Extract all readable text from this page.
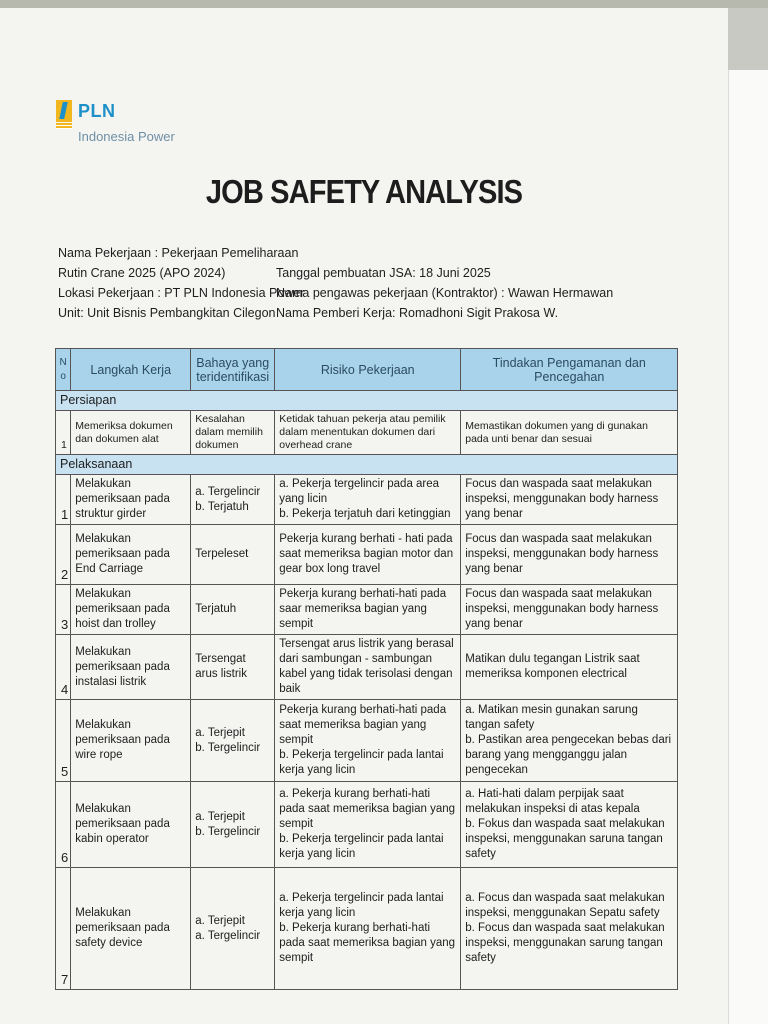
PLN
Indonesia Power
JOB SAFETY ANALYSIS
Nama Pekerjaan : Pekerjaan Pemeliharaan
Rutin Crane 2025 (APO 2024)
Lokasi Pekerjaan : PT PLN Indonesia Power
Unit: Unit Bisnis Pembangkitan Cilegon
Tanggal pembuatan JSA: 18 Juni 2025
Nama pengawas pekerjaan (Kontraktor) : Wawan Hermawan
Nama Pemberi Kerja: Romadhoni Sigit Prakosa W.
N o	Langkah Kerja	Bahaya yang teridentifikasi	Risiko Pekerjaan	Tindakan Pengamanan dan Pencegahan
Persiapan				
1	Memeriksa dokumen dan dokumen alat	Kesalahan dalam memilih dokumen	Ketidak tahuan pekerja atau pemilik dalam menentukan dokumen dari overhead crane	Memastikan dokumen yang di gunakan pada unti benar dan sesuai
Pelaksanaan				
1	Melakukan pemeriksaan pada struktur girder	a. Tergelincir
b. Terjatuh	a. Pekerja tergelincir pada area yang licin
b. Pekerja terjatuh dari ketinggian	Focus dan waspada saat melakukan inspeksi, menggunakan body harness yang benar

2	Melakukan pemeriksaan pada End Carriage	Terpeleset	Pekerja kurang berhati - hati pada saat memeriksa bagian motor dan gear box long travel	Focus dan waspada saat melakukan inspeksi, menggunakan body harness yang benar

3	Melakukan pemeriksaan pada hoist dan trolley	Terjatuh	Pekerja kurang berhati-hati pada saar memeriksa bagian yang sempit	Focus dan waspada saat melakukan inspeksi, menggunakan body harness yang benar

4	Melakukan pemeriksaan pada instalasi listrik	Tersengat arus listrik	Tersengat arus listrik yang berasal dari sambungan - sambungan kabel yang tidak terisolasi dengan baik	Matikan dulu tegangan Listrik saat memeriksa komponen electrical

5	Melakukan pemeriksaan pada wire rope	a. Terjepit
b. Tergelincir	Pekerja kurang berhati-hati pada saat memeriksa bagian yang sempit
b. Pekerja tergelincir pada lantai kerja yang licin	a. Matikan mesin gunakan sarung tangan safety
b. Pastikan area pengecekan bebas dari barang yang mengganggu jalan pengecekan

6	Melakukan pemeriksaan pada kabin operator	a. Terjepit
b. Tergelincir	a. Pekerja kurang berhati-hati pada saat memeriksa bagian yang sempit
b. Pekerja tergelincir pada lantai kerja yang licin	a. Hati-hati dalam perpijak saat melakukan inspeksi di atas kepala
b. Fokus dan waspada saat melakukan inspeksi, menggunakan saruna tangan safety

7	Melakukan pemeriksaan pada safety device	a. Terjepit
a. Tergelincir	a. Pekerja tergelincir pada lantai kerja yang licin
b. Pekerja kurang berhati-hati pada saat memeriksa bagian yang sempit	a. Focus dan waspada saat melakukan inspeksi, menggunakan Sepatu safety
b. Focus dan waspada saat melakukan inspeksi, menggunakan sarung tangan safety
